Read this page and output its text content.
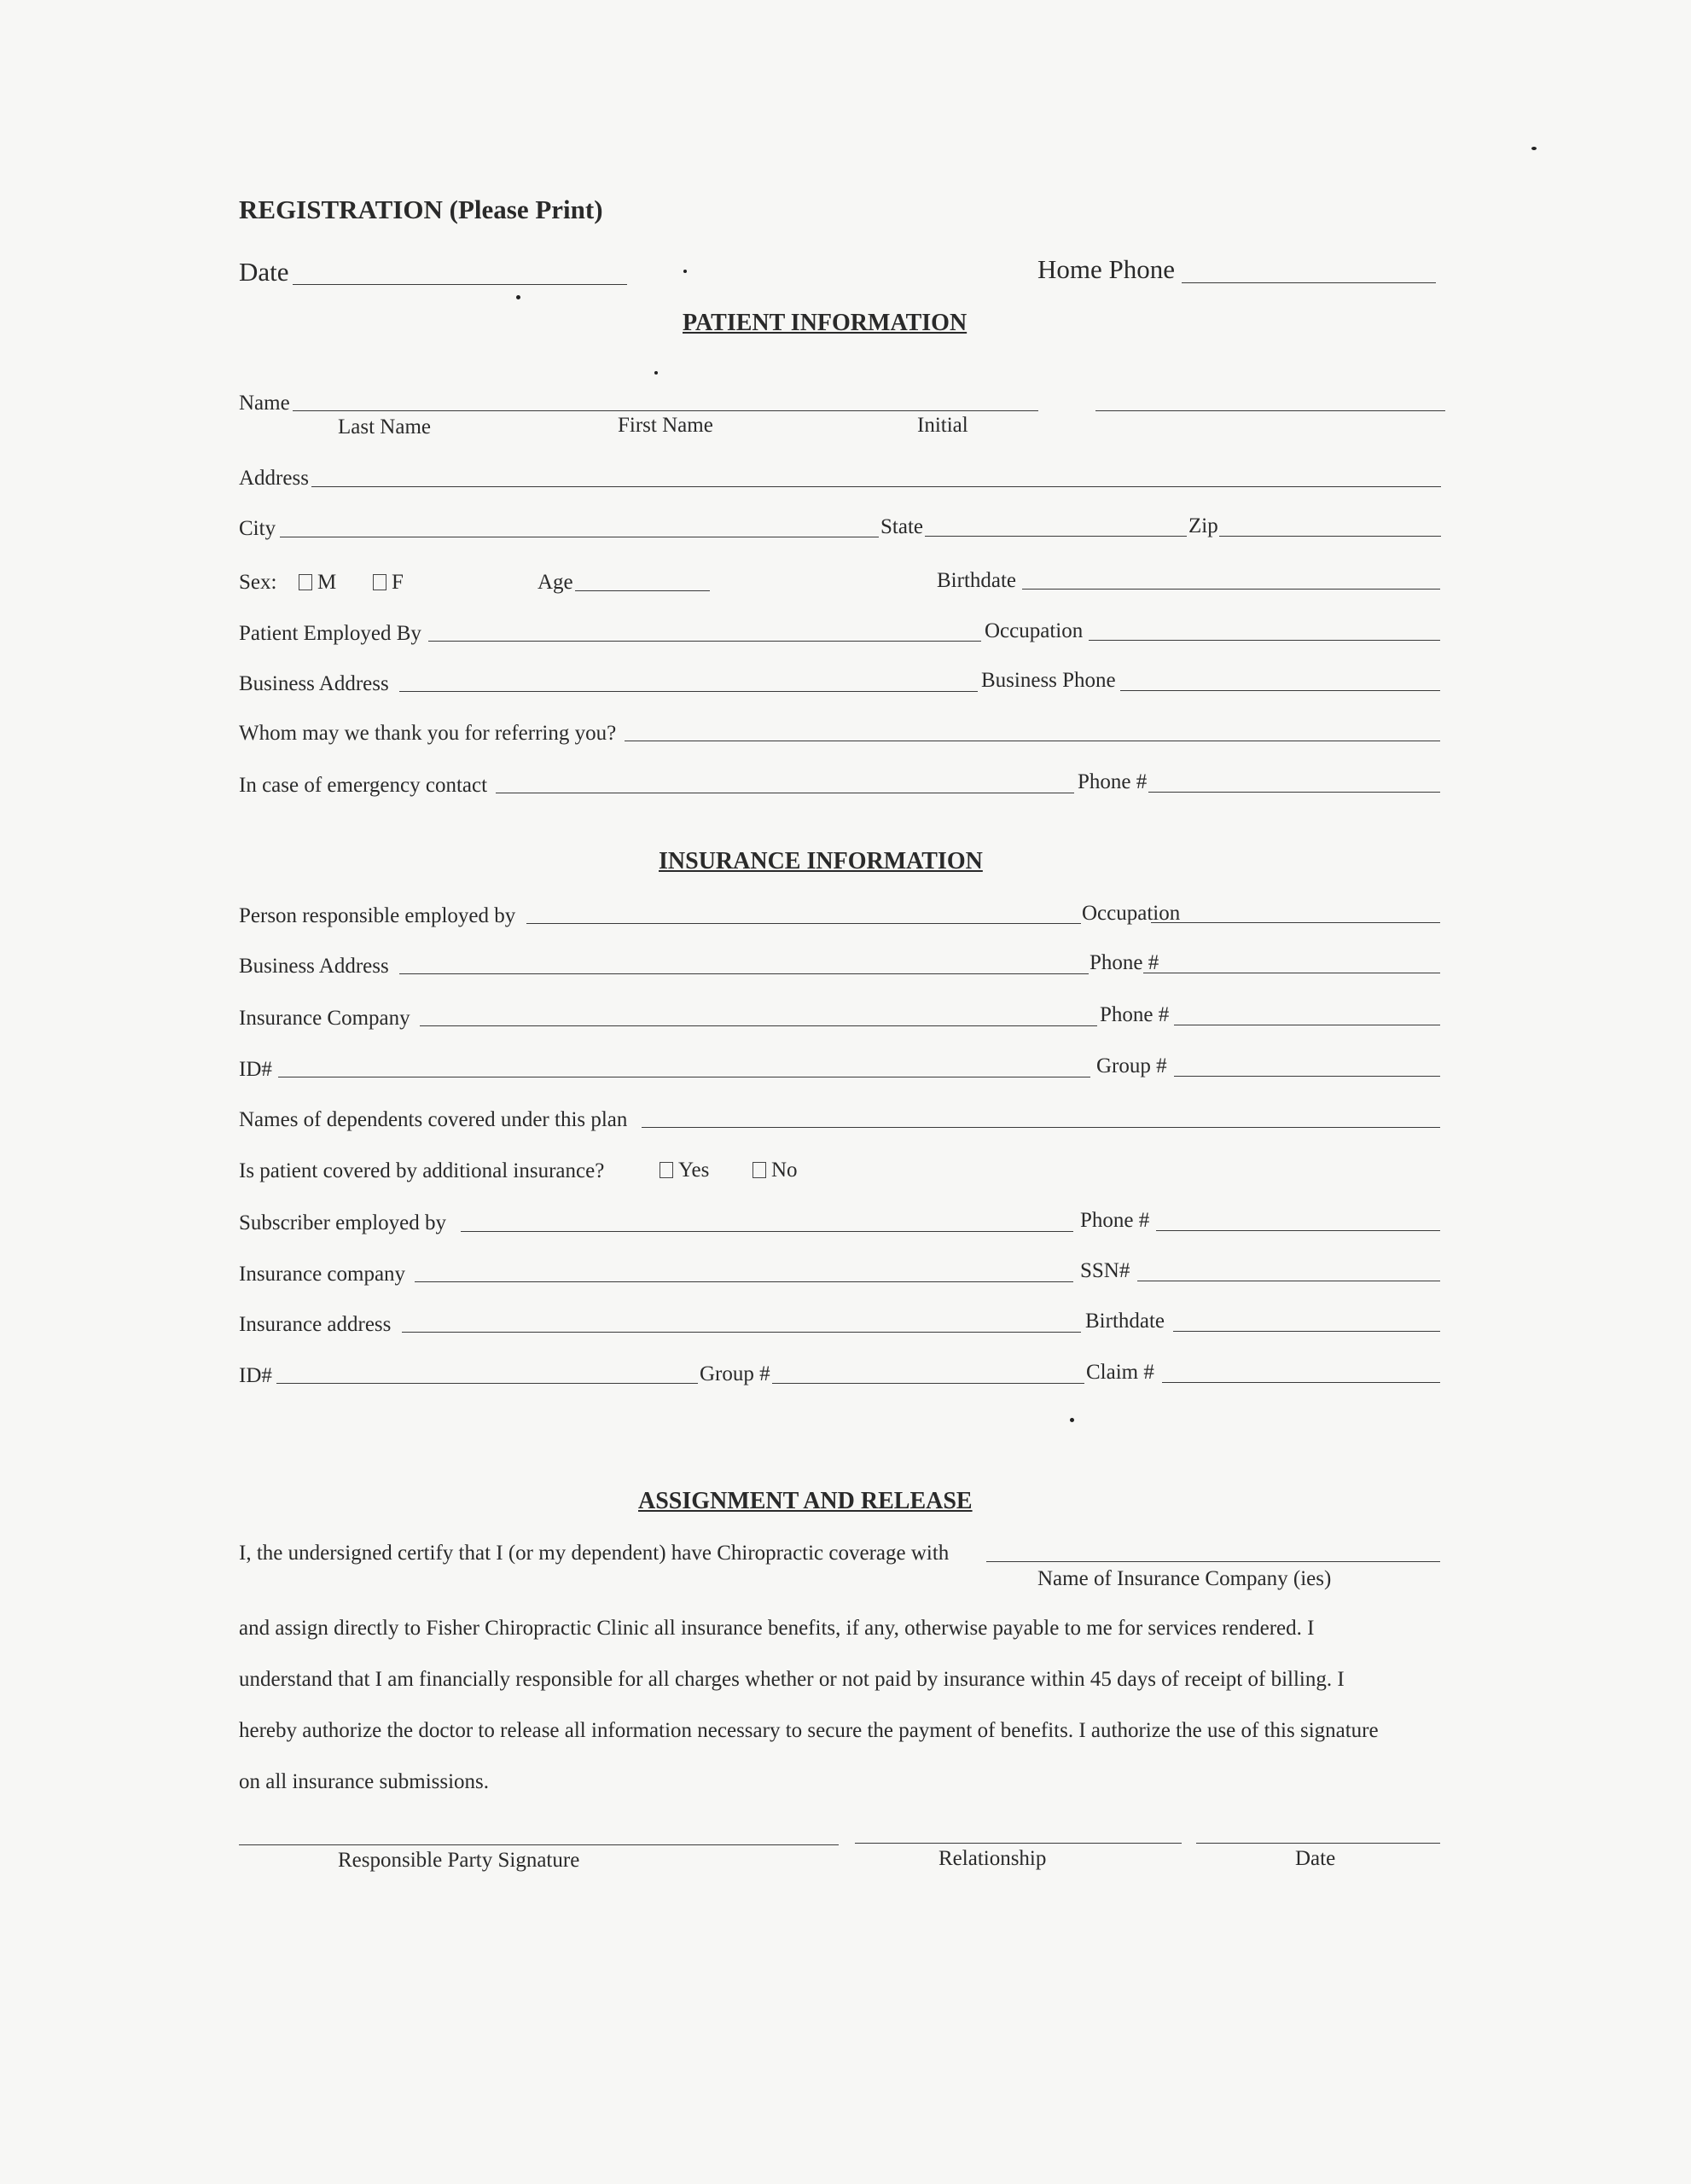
REGISTRATION (Please Print)
Date	Home Phone
PATIENT INFORMATION
Name
Last Name	First Name	Initial
Address
City	State	Zip
Sex:	M	F	Age	Birthdate
Patient Employed By	Occupation
Business Address	Business Phone
Whom may we thank you for referring you?
In case of emergency contact	Phone #
INSURANCE INFORMATION
Person responsible employed by	Occupation
Business Address	Phone #
Insurance Company	Phone #
ID#	Group #
Names of dependents covered under this plan
Is patient covered by additional insurance?	Yes	No
Subscriber employed by	Phone #
Insurance company	SSN#
Insurance address	Birthdate
ID#	Group #	Claim #
ASSIGNMENT AND RELEASE
I, the undersigned certify that I (or my dependent) have Chiropractic coverage with
Name of Insurance Company (ies)
and assign directly to Fisher Chiropractic Clinic all insurance benefits, if any, otherwise payable to me for services rendered. I
understand that I am financially responsible for all charges whether or not paid by insurance within 45 days of receipt of billing. I
hereby authorize the doctor to release all information necessary to secure the payment of benefits. I authorize the use of this signature
on all insurance submissions.
Responsible Party Signature	Relationship	Date
